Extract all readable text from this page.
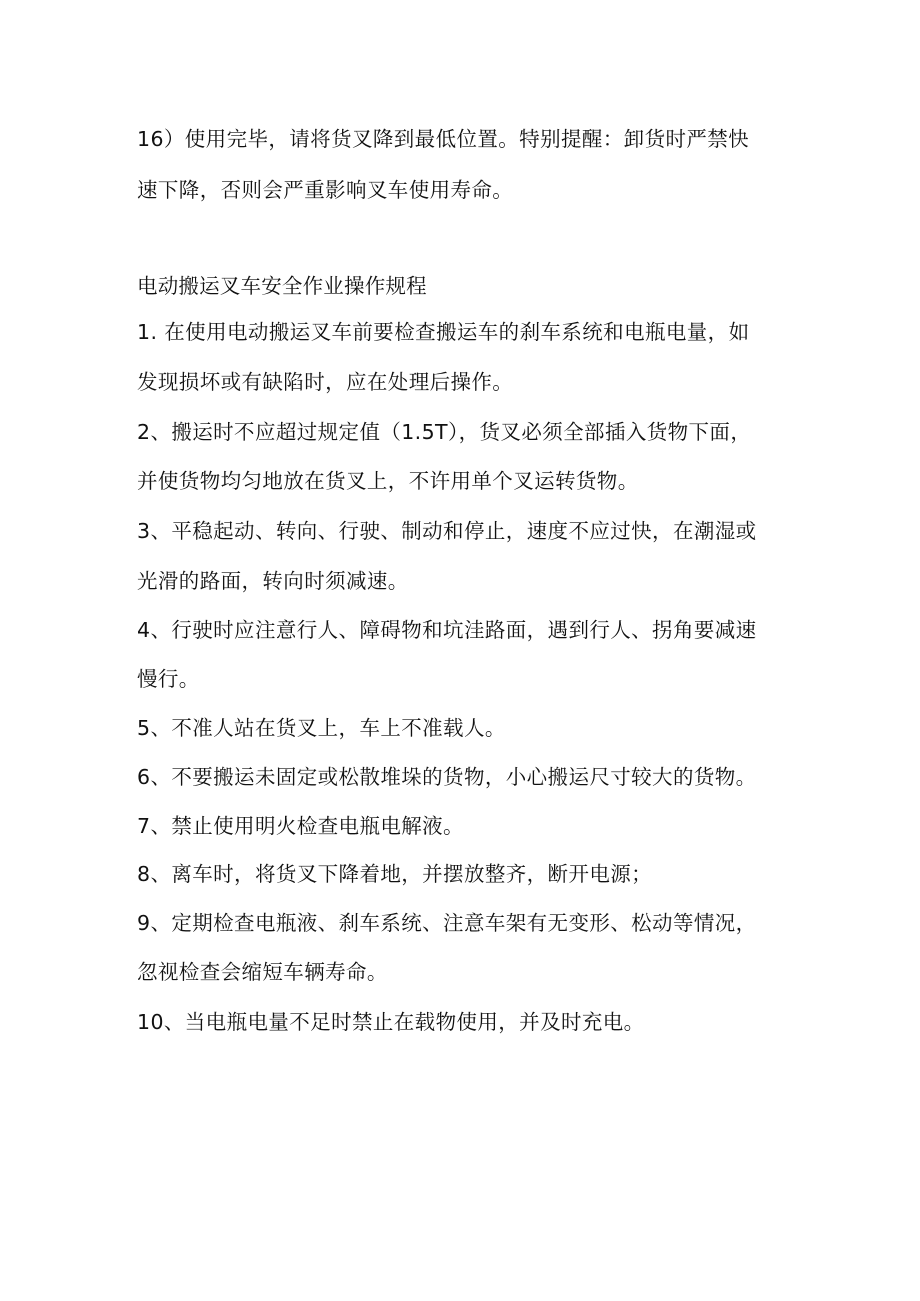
16）使用完毕，请将货叉降到最低位置。特别提醒：卸货时严禁快
速下降，否则会严重影响叉车使用寿命。
电动搬运叉车安全作业操作规程
1. 在使用电动搬运叉车前要检查搬运车的刹车系统和电瓶电量，如
发现损坏或有缺陷时，应在处理后操作。
2、搬运时不应超过规定值（1.5T），货叉必须全部插入货物下面，
并使货物均匀地放在货叉上，不许用单个叉运转货物。
3、平稳起动、转向、行驶、制动和停止，速度不应过快，在潮湿或
光滑的路面，转向时须减速。
4、行驶时应注意行人、障碍物和坑洼路面，遇到行人、拐角要减速
慢行。
5、不准人站在货叉上，车上不准载人。
6、不要搬运未固定或松散堆垛的货物，小心搬运尺寸较大的货物。
7、禁止使用明火检查电瓶电解液。
8、离车时，将货叉下降着地，并摆放整齐，断开电源；
9、定期检查电瓶液、刹车系统、注意车架有无变形、松动等情况，
忽视检查会缩短车辆寿命。
10、当电瓶电量不足时禁止在载物使用，并及时充电。
